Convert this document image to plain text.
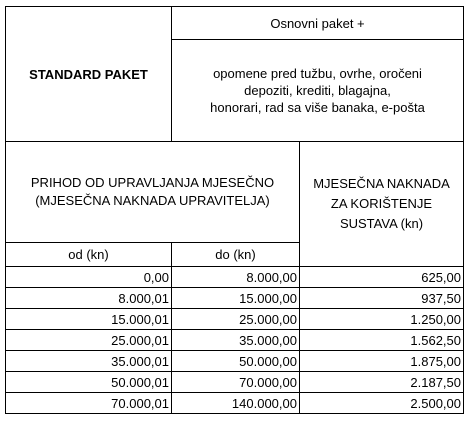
STANDARD PAKET	Osnovni paket +	

	opomene pred tužbu, ovrhe, oročeni
depoziti, krediti, blagajna,
honorari, rad sa više banaka, e-pošta	

PRIHOD OD UPRAVLJANJA MJESEČNO
(MJESEČNA NAKNADA UPRAVITELJA)		MJESEČNA NAKNADA
ZA KORIŠTENJE
SUSTAVA (kn)

od (kn)	do (kn)	
0,00	8.000,00	625,00
8.000,01	15.000,00	937,50
15.000,01	25.000,00	1.250,00
25.000,01	35.000,00	1.562,50
35.000,01	50.000,00	1.875,00
50.000,01	70.000,00	2.187,50
70.000,01	140.000,00	2.500,00
